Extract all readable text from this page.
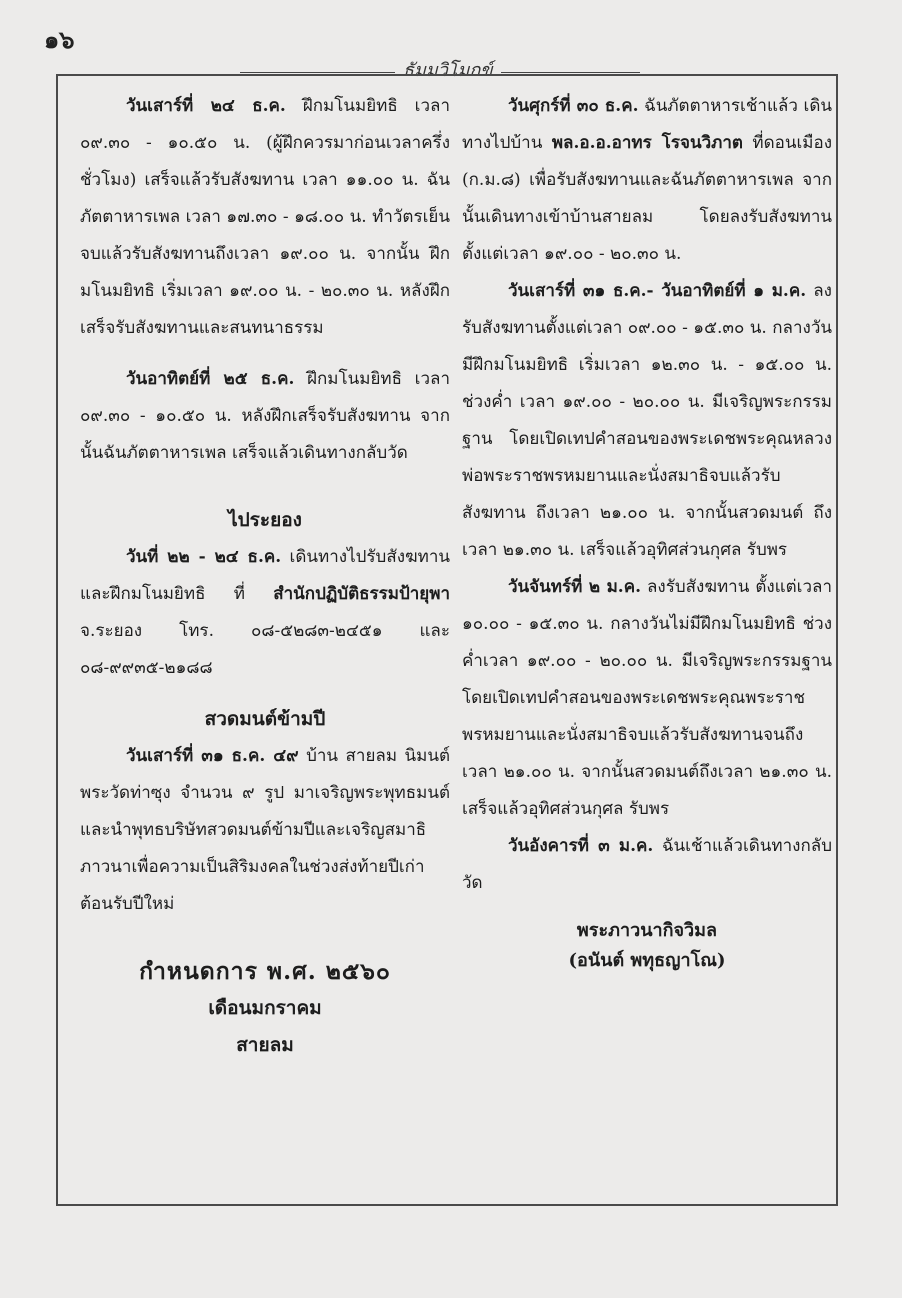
๑๖
ธัมมวิโมกข์

วันเสาร์ที่ ๒๔ ธ.ค. ฝึกมโนมยิทธิ เวลา ๐๙.๓๐ - ๑๐.๕๐ น. (ผู้ฝึกควรมาก่อนเวลาครึ่งชั่วโมง) เสร็จแล้วรับสังฆทาน เวลา ๑๑.๐๐ น. ฉันภัตตาหารเพล เวลา ๑๗.๓๐ - ๑๘.๐๐ น. ทำวัตรเย็น จบแล้วรับสังฆทานถึงเวลา ๑๙.๐๐ น. จากนั้น ฝึกมโนมยิทธิ เริ่มเวลา ๑๙.๐๐ น. - ๒๐.๓๐ น. หลังฝึกเสร็จรับสังฆทานและสนทนาธรรม

วันอาทิตย์ที่ ๒๕ ธ.ค. ฝึกมโนมยิทธิ เวลา ๐๙.๓๐ - ๑๐.๕๐ น. หลังฝึกเสร็จรับสังฆทาน จากนั้นฉันภัตตาหารเพล เสร็จแล้วเดินทางกลับวัด

ไประยอง

วันที่ ๒๒ - ๒๔ ธ.ค. เดินทางไปรับสังฆทานและฝึกมโนมยิทธิ ที่ สำนักปฏิบัติธรรมป้ายุพา จ.ระยอง โทร. ๐๘-๕๒๘๓-๒๔๕๑ และ ๐๘-๙๙๓๕-๒๑๘๘

สวดมนต์ข้ามปี

วันเสาร์ที่ ๓๑ ธ.ค. ๔๙ บ้าน สายลม นิมนต์พระวัดท่าซุง จำนวน ๙ รูป มาเจริญพระพุทธมนต์และนำพุทธบริษัทสวดมนต์ข้ามปีและเจริญสมาธิภาวนาเพื่อความเป็นสิริมงคลในช่วงส่งท้ายปีเก่า ต้อนรับปีใหม่

กำหนดการ พ.ศ. ๒๕๖๐

เดือนมกราคม

สายลม

วันศุกร์ที่ ๓๐ ธ.ค. ฉันภัตตาหารเช้าแล้ว เดินทางไปบ้าน พล.อ.อ.อาทร โรจนวิภาต ที่ดอนเมือง (ก.ม.๘) เพื่อรับสังฆทานและฉันภัตตาหารเพล จากนั้นเดินทางเข้าบ้านสายลม โดยลงรับสังฆทานตั้งแต่เวลา ๑๙.๐๐ - ๒๐.๓๐ น.

วันเสาร์ที่ ๓๑ ธ.ค.- วันอาทิตย์ที่ ๑ ม.ค. ลงรับสังฆทานตั้งแต่เวลา ๐๙.๐๐ - ๑๕.๓๐ น. กลางวันมีฝึกมโนมยิทธิ เริ่มเวลา ๑๒.๓๐ น. - ๑๕.๐๐ น. ช่วงค่ำ เวลา ๑๙.๐๐ - ๒๐.๐๐ น. มีเจริญพระกรรมฐาน โดยเปิดเทปคำสอนของพระเดชพระคุณหลวงพ่อพระราชพรหมยานและนั่งสมาธิจบแล้วรับสังฆทาน ถึงเวลา ๒๑.๐๐ น. จากนั้นสวดมนต์ ถึงเวลา ๒๑.๓๐ น. เสร็จแล้วอุทิศส่วนกุศล รับพร

วันจันทร์ที่ ๒ ม.ค. ลงรับสังฆทาน ตั้งแต่เวลา ๑๐.๐๐ - ๑๕.๓๐ น. กลางวันไม่มีฝึกมโนมยิทธิ ช่วงค่ำเวลา ๑๙.๐๐ - ๒๐.๐๐ น. มีเจริญพระกรรมฐาน โดยเปิดเทปคำสอนของพระเดชพระคุณพระราชพรหมยานและนั่งสมาธิจบแล้วรับสังฆทานจนถึง เวลา ๒๑.๐๐ น. จากนั้นสวดมนต์ถึงเวลา ๒๑.๓๐ น. เสร็จแล้วอุทิศส่วนกุศล รับพร

วันอังคารที่ ๓ ม.ค. ฉันเช้าแล้วเดินทางกลับวัด

พระภาวนากิจวิมล

(อนันต์ พทุธญาโณ)
